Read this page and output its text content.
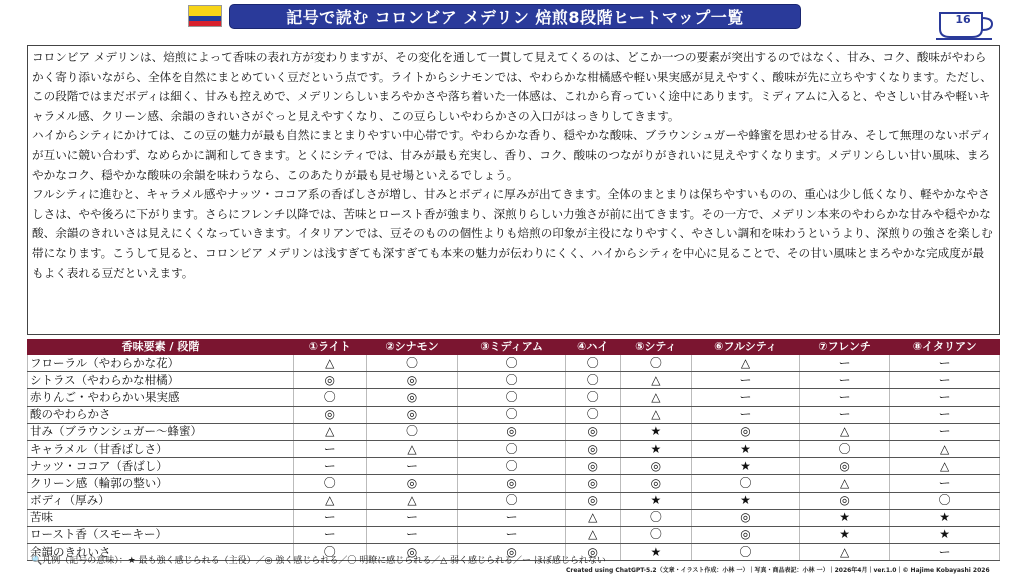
記号で読む コロンビア メデリン 焙煎8段階ヒートマップ一覧	16

コロンビア メデリンは、焙煎によって香味の表れ方が変わりますが、その変化を通して一貫して見えてくるのは、どこか一つの要素が突出するのではなく、甘み、コク、酸味がやわらかく寄り添いながら、全体を自然にまとめていく豆だという点です。ライトからシナモンでは、やわらかな柑橘感や軽い果実感が見えやすく、酸味が先に立ちやすくなります。ただし、この段階ではまだボディは細く、甘みも控えめで、メデリンらしいまろやかさや落ち着いた一体感は、これから育っていく途中にあります。ミディアムに入ると、やさしい甘みや軽いキャラメル感、クリーン感、余韻のきれいさがぐっと見えやすくなり、この豆らしいやわらかさの入口がはっきりしてきます。

ハイからシティにかけては、この豆の魅力が最も自然にまとまりやすい中心帯です。やわらかな香り、穏やかな酸味、ブラウンシュガーや蜂蜜を思わせる甘み、そして無理のないボディが互いに競い合わず、なめらかに調和してきます。とくにシティでは、甘みが最も充実し、香り、コク、酸味のつながりがきれいに見えやすくなります。メデリンらしい甘い風味、まろやかなコク、穏やかな酸味の余韻を味わうなら、このあたりが最も見せ場といえるでしょう。

フルシティに進むと、キャラメル感やナッツ・ココア系の香ばしさが増し、甘みとボディに厚みが出てきます。全体のまとまりは保ちやすいものの、重心は少し低くなり、軽やかなやさしさは、やや後ろに下がります。さらにフレンチ以降では、苦味とロースト香が強まり、深煎りらしい力強さが前に出てきます。その一方で、メデリン本来のやわらかな甘みや穏やかな酸、余韻のきれいさは見えにくくなっていきます。イタリアンでは、豆そのものの個性よりも焙煎の印象が主役になりやすく、やさしい調和を味わうというより、深煎りの強さを楽しむ帯になります。こうして見ると、コロンビア メデリンは浅すぎても深すぎても本来の魅力が伝わりにくく、ハイからシティを中心に見ることで、その甘い風味とまろやかな完成度が最もよく表れる豆だといえます。

香味要素 / 段階	①ライト	②シナモン	③ミディアム	④ハイ	⑤シティ	⑥フルシティ	⑦フレンチ	⑧イタリアン
フローラル（やわらかな花）	△	〇	〇	〇	〇	△	ー	ー
シトラス（やわらかな柑橘）	◎	◎	〇	〇	△	ー	ー	ー
赤りんご・やわらかい果実感	〇	◎	〇	〇	△	ー	ー	ー
酸のやわらかさ	◎	◎	〇	〇	△	ー	ー	ー
甘み（ブラウンシュガー〜蜂蜜）	△	〇	◎	◎	★	◎	△	ー
キャラメル（甘香ばしさ）	ー	△	〇	◎	★	★	〇	△
ナッツ・ココア（香ばし）	ー	ー	〇	◎	◎	★	◎	△
クリーン感（輪郭の整い）	〇	◎	◎	◎	◎	〇	△	ー
ボディ（厚み）	△	△	〇	◎	★	★	◎	〇
苦味	ー	ー	ー	△	〇	◎	★	★
ロースト香（スモーキー）	ー	ー	ー	△	〇	◎	★	★
余韻のきれいさ	〇	◎	◎	◎	★	〇	△	ー
🔍凡例（記号の意味）：★ 最も強く感じられる（主役）／◎ 強く感じられる／〇 明瞭に感じられる／△ 弱く感じられる／ー ほぼ感じられない
Created using ChatGPT-5.2（文章・イラスト作成：小林 一）｜写真・商品表記：小林 一）｜2026年4月｜ver.1.0｜© Hajime Kobayashi 2026
